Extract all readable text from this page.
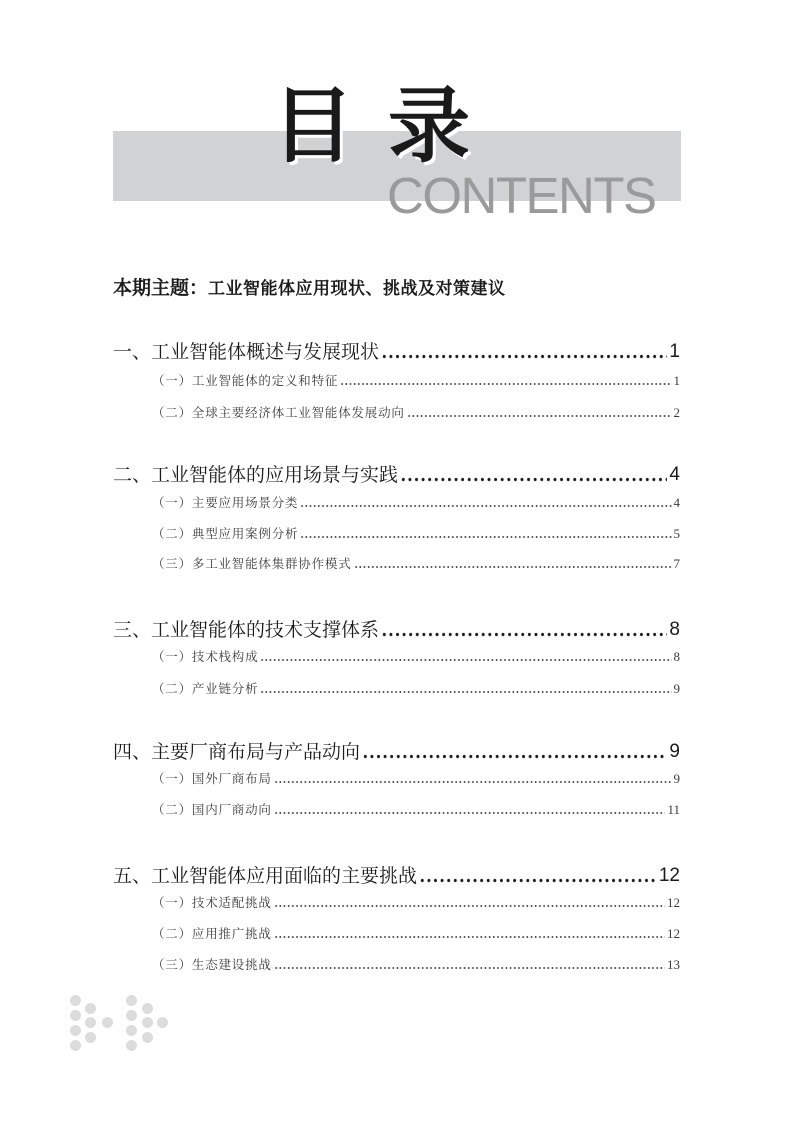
目 录
CONTENTS
本期主题： 工业智能体应用现状、挑战及对策建议
一、工业智能体概述与发展现状	1
（一）工业智能体的定义和特征	1
（二）全球主要经济体工业智能体发展动向	2
二、工业智能体的应用场景与实践	4
（一）主要应用场景分类	4
（二）典型应用案例分析	5
（三）多工业智能体集群协作模式	7
三、工业智能体的技术支撑体系	8
（一）技术栈构成	8
（二）产业链分析	9
四、主要厂商布局与产品动向	9
（一）国外厂商布局	9
（二）国内厂商动向	11
五、工业智能体应用面临的主要挑战	12
（一）技术适配挑战	12
（二）应用推广挑战	12
（三）生态建设挑战	13
